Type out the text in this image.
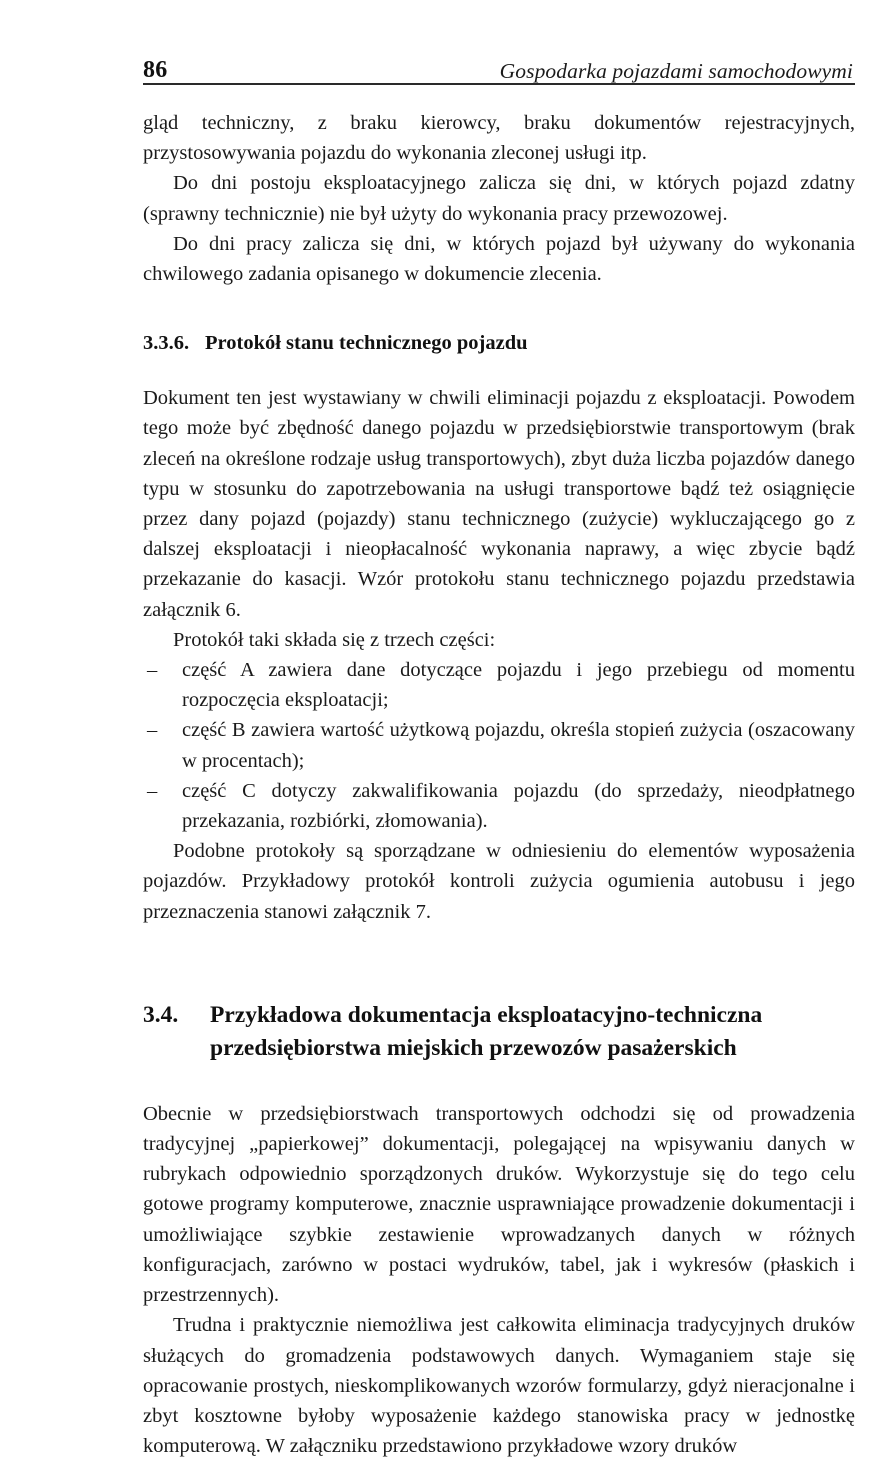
86	Gospodarka pojazdami samochodowymi

gląd techniczny, z braku kierowcy, braku dokumentów rejestracyjnych, przystosowywania pojazdu do wykonania zleconej usługi itp.

Do dni postoju eksploatacyjnego zalicza się dni, w których pojazd zdatny (sprawny technicznie) nie był użyty do wykonania pracy przewozowej.

Do dni pracy zalicza się dni, w których pojazd był używany do wykonania chwilowego zadania opisanego w dokumencie zlecenia.

3.3.6. Protokół stanu technicznego pojazdu

Dokument ten jest wystawiany w chwili eliminacji pojazdu z eksploatacji. Powodem tego może być zbędność danego pojazdu w przedsiębiorstwie transportowym (brak zleceń na określone rodzaje usług transportowych), zbyt duża liczba pojazdów danego typu w stosunku do zapotrzebowania na usługi transportowe bądź też osiągnięcie przez dany pojazd (pojazdy) stanu technicznego (zużycie) wykluczającego go z dalszej eksploatacji i nieopłacalność wykonania naprawy, a więc zbycie bądź przekazanie do kasacji. Wzór protokołu stanu technicznego pojazdu przedstawia załącznik 6.

Protokół taki składa się z trzech części:

– część A zawiera dane dotyczące pojazdu i jego przebiegu od momentu rozpoczęcia eksploatacji;
– część B zawiera wartość użytkową pojazdu, określa stopień zużycia (oszacowany w procentach);
– część C dotyczy zakwalifikowania pojazdu (do sprzedaży, nieodpłatnego przekazania, rozbiórki, złomowania).

Podobne protokoły są sporządzane w odniesieniu do elementów wyposażenia pojazdów. Przykładowy protokół kontroli zużycia ogumienia autobusu i jego przeznaczenia stanowi załącznik 7.

3.4.	Przykładowa dokumentacja eksploatacyjno-techniczna
przedsiębiorstwa miejskich przewozów pasażerskich

Obecnie w przedsiębiorstwach transportowych odchodzi się od prowadzenia tradycyjnej „papierkowej” dokumentacji, polegającej na wpisywaniu danych w rubrykach odpowiednio sporządzonych druków. Wykorzystuje się do tego celu gotowe programy komputerowe, znacznie usprawniające prowadzenie dokumentacji i umożliwiające szybkie zestawienie wprowadzanych danych w różnych konfiguracjach, zarówno w postaci wydruków, tabel, jak i wykresów (płaskich i przestrzennych).

Trudna i praktycznie niemożliwa jest całkowita eliminacja tradycyjnych druków służących do gromadzenia podstawowych danych. Wymaganiem staje się opracowanie prostych, nieskomplikowanych wzorów formularzy, gdyż nieracjonalne i zbyt kosztowne byłoby wyposażenie każdego stanowiska pracy w jednostkę komputerową. W załączniku przedstawiono przykładowe wzory druków
